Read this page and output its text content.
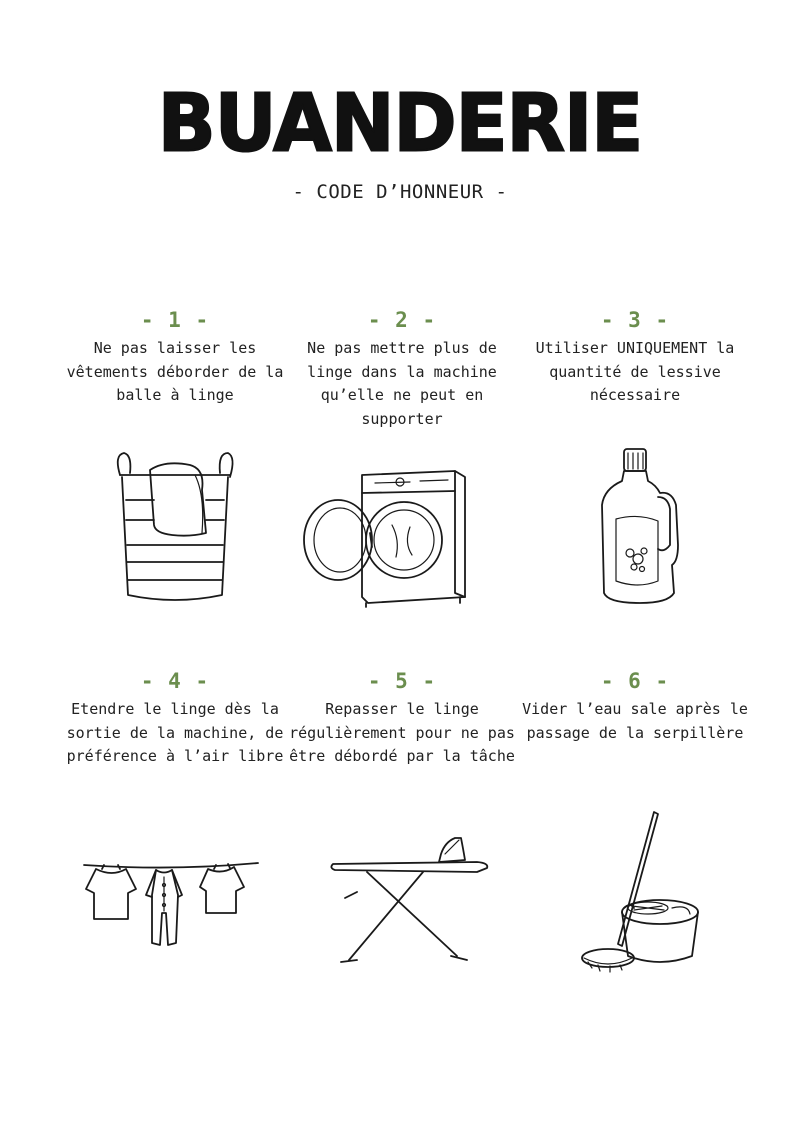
BUANDERIE
- CODE D’HONNEUR -
- 1 -
Ne pas laisser les vêtements déborder de la balle à linge
- 2 -
Ne pas mettre plus de linge dans la machine qu’elle ne peut en supporter
- 3 -
Utiliser UNIQUEMENT la quantité de lessive nécessaire
- 4 -
Etendre le linge dès la sortie de la machine, de préférence à l’air libre
- 5 -
Repasser le linge régulièrement pour ne pas être débordé par la tâche
- 6 -
Vider l’eau sale après le passage de la serpillère
